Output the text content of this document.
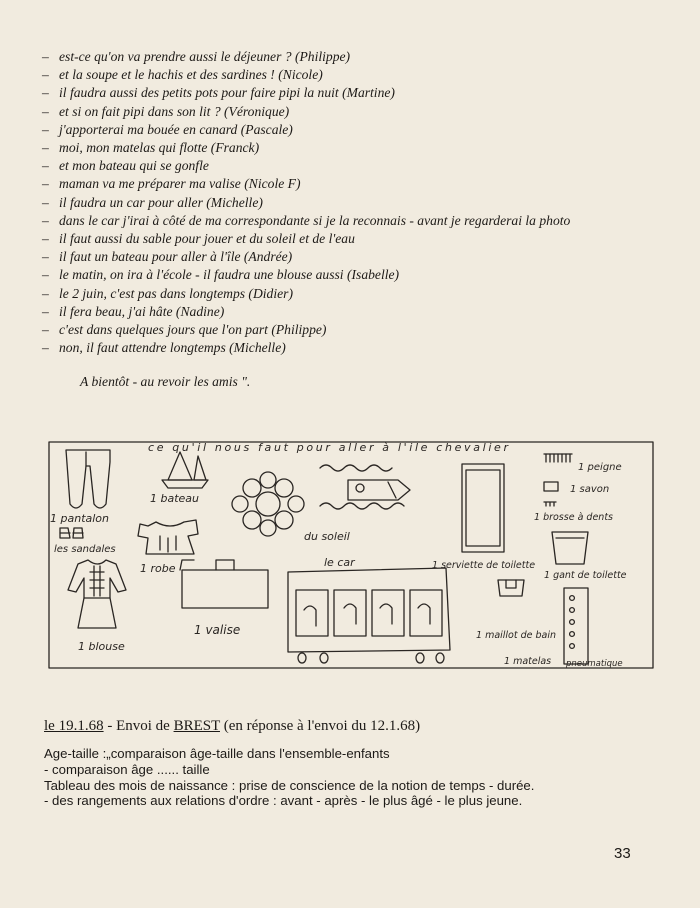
– est-ce qu'on va prendre aussi le déjeuner ? (Philippe)
– et la soupe et le hachis et des sardines ! (Nicole)
– il faudra aussi des petits pots pour faire pipi la nuit (Martine)
– et si on fait pipi dans son lit ? (Véronique)
– j'apporterai ma bouée en canard (Pascale)
– moi, mon matelas qui flotte (Franck)
– et mon bateau qui se gonfle
– maman va me préparer ma valise (Nicole F)
– il faudra un car pour aller (Michelle)
– dans le car j'irai à côté de ma correspondante si je la reconnais - avant je regarderai la photo
– il faut aussi du sable pour jouer et du soleil et de l'eau
– il faut un bateau pour aller à l'île (Andrée)
– le matin, on ira à l'école - il faudra une blouse aussi (Isabelle)
– le 2 juin, c'est pas dans longtemps (Didier)
– il fera beau, j'ai hâte (Nadine)
– c'est dans quelques jours que l'on part (Philippe)
– non, il faut attendre longtemps (Michelle)
A bientôt - au revoir les amis ".
ce qu'il nous faut pour aller à l'ile chevalier
1 pantalon
les sandales
1 blouse
1 bateau
1 robe
1 valise
du soleil
le car	1 serviette de toilette
1 peigne
1 savon
1 brosse à dents
1 gant de toilette
1 maillot de bain
1 matelas pneumatique
le 19.1.68 - Envoi de BREST (en réponse à l'envoi du 12.1.68)
Age-taille :„comparaison âge-taille dans l'ensemble-enfants
- comparaison âge ...... taille
Tableau des mois de naissance : prise de conscience de la notion de temps - durée.
- des rangements aux relations d'ordre : avant - après - le plus âgé - le plus jeune.
33
